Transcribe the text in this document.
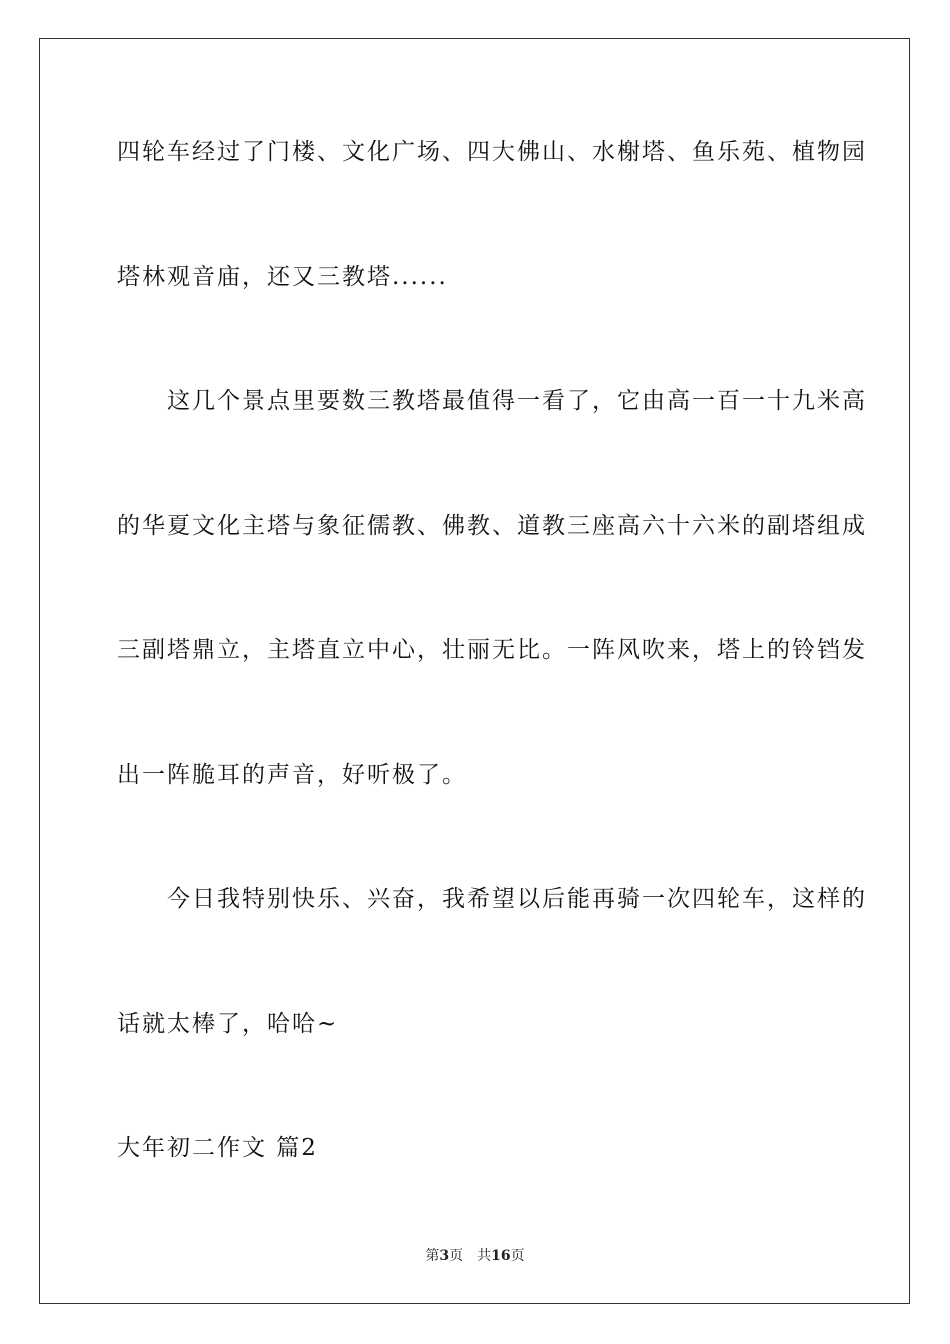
四轮车经过了门楼、文化广场、四大佛山、水榭塔、鱼乐苑、植物园
塔林观音庙，还又三教塔......
　　这几个景点里要数三教塔最值得一看了，它由高一百一十九米高
的华夏文化主塔与象征儒教、佛教、道教三座高六十六米的副塔组成
三副塔鼎立，主塔直立中心，壮丽无比。一阵风吹来，塔上的铃铛发
出一阵脆耳的声音，好听极了。
　　今日我特别快乐、兴奋，我希望以后能再骑一次四轮车，这样的
话就太棒了，哈哈~
大年初二作文 篇2
第3页 共16页
